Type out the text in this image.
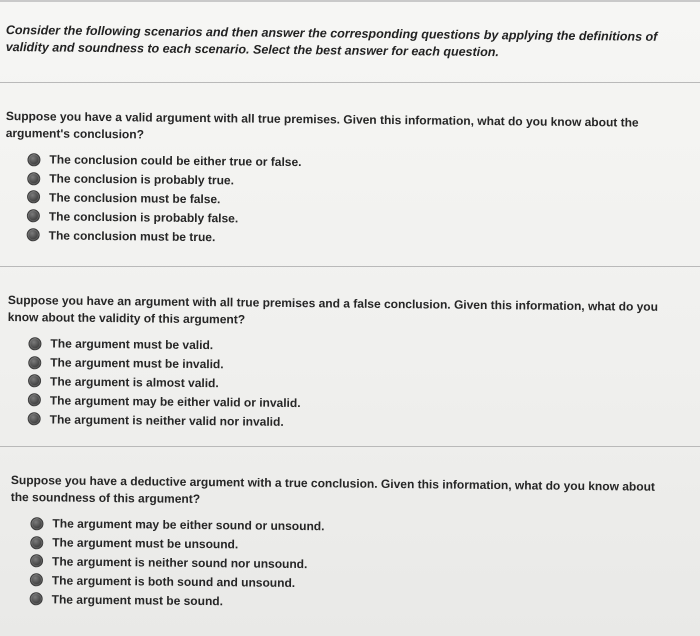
Consider the following scenarios and then answer the corresponding questions by applying the definitions of validity and soundness to each scenario. Select the best answer for each question.

Suppose you have a valid argument with all true premises. Given this information, what do you know about the argument's conclusion?

The conclusion could be either true or false.
The conclusion is probably true.
The conclusion must be false.
The conclusion is probably false.
The conclusion must be true.

Suppose you have an argument with all true premises and a false conclusion. Given this information, what do you know about the validity of this argument?

The argument must be valid.
The argument must be invalid.
The argument is almost valid.
The argument may be either valid or invalid.
The argument is neither valid nor invalid.

Suppose you have a deductive argument with a true conclusion. Given this information, what do you know about the soundness of this argument?

The argument may be either sound or unsound.
The argument must be unsound.
The argument is neither sound nor unsound.
The argument is both sound and unsound.
The argument must be sound.
